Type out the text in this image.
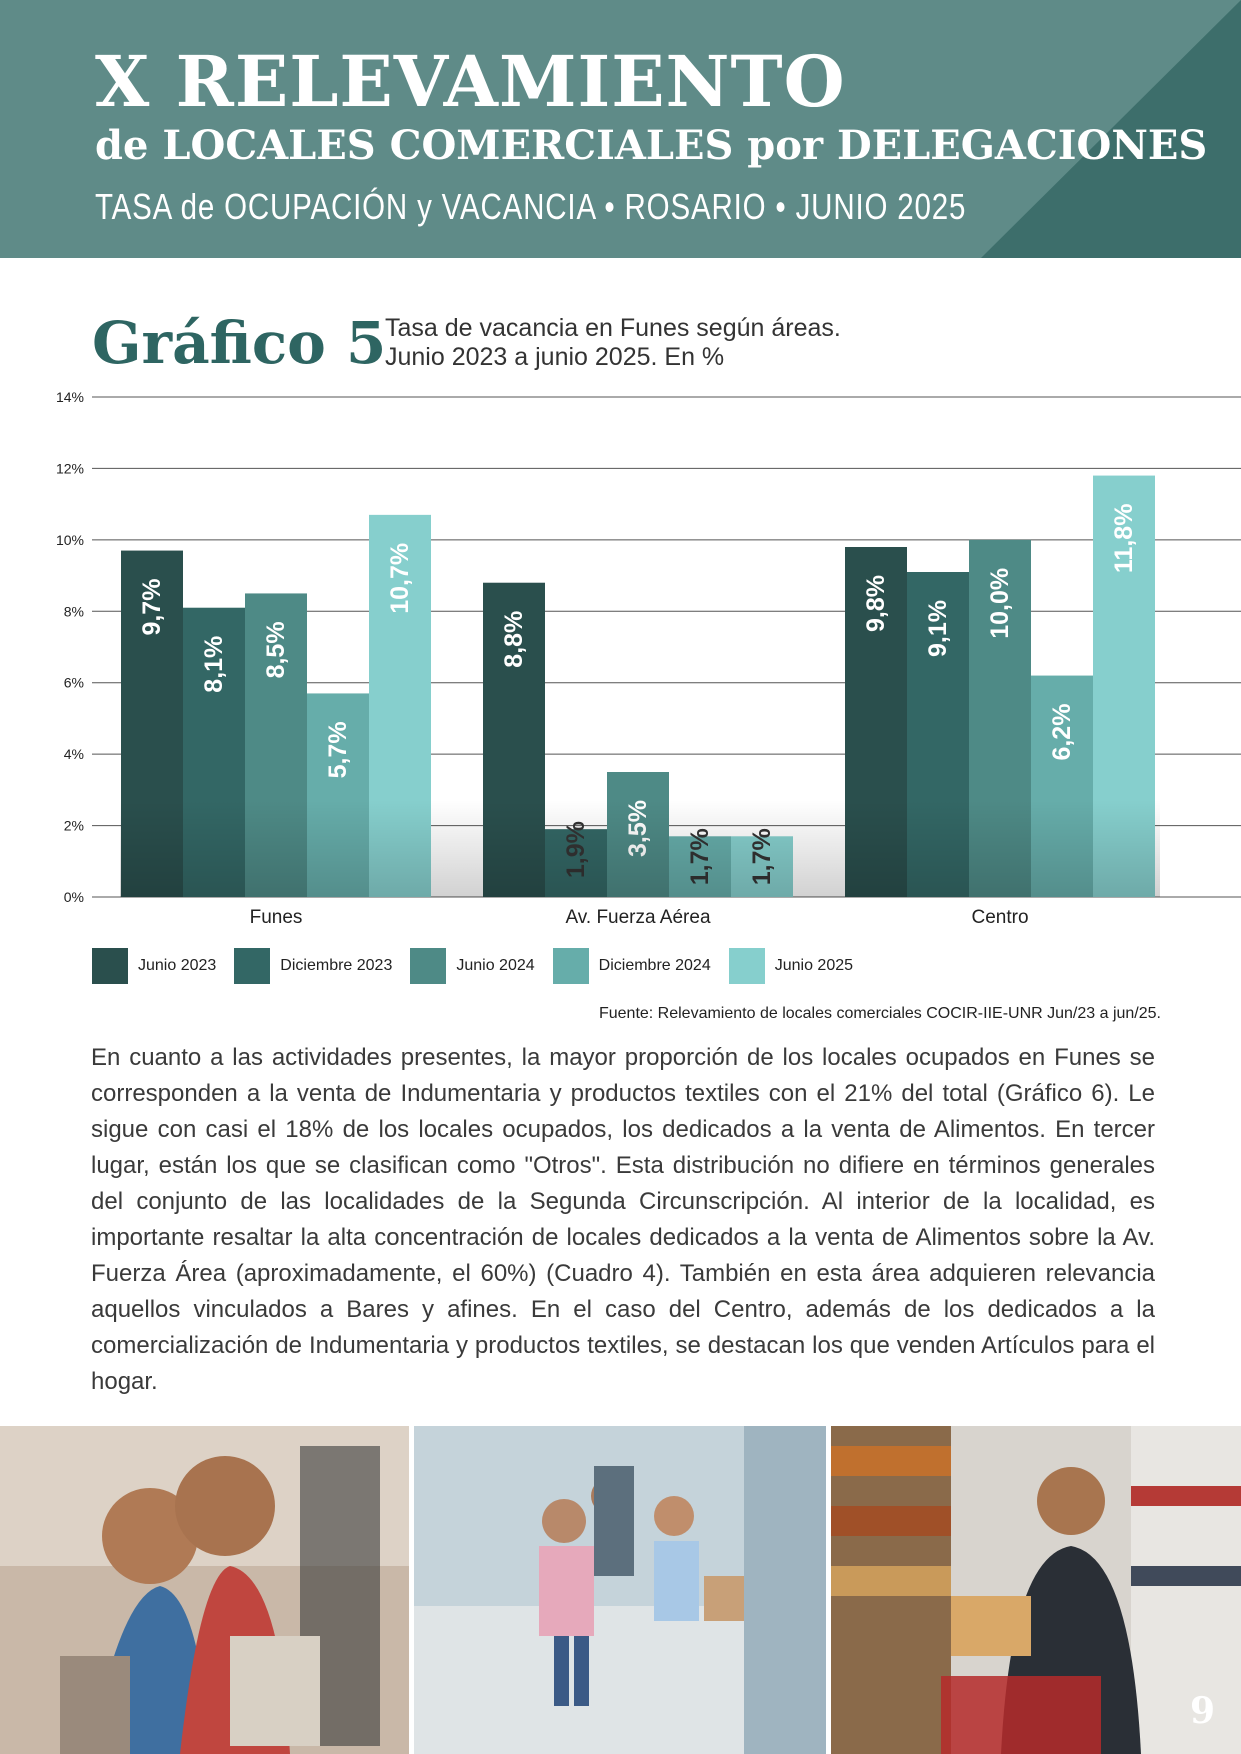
X RELEVAMIENTO
de LOCALES COMERCIALES por DELEGACIONES
TASA de OCUPACIÓN y VACANCIA • ROSARIO • JUNIO 2025
Gráfico 5
Tasa de vacancia en Funes según áreas.
Junio 2023 a junio 2025. En %
0%
2%
4%
6%
8%
10%
12%
14%
9,7%
8,1% 8,5%
5,7%
10,7%
Funes
8,8%
Av. Fuerza Aérea
9,8% 9,1% 10,0%
6,2%
11,8%
Centro
Junio 2023	Diciembre 2023	Junio 2024	Diciembre 2024	Junio 2025
Fuente: Relevamiento de locales comerciales COCIR-IIE-UNR Jun/23 a jun/25.

En cuanto a las actividades presentes, la mayor proporción de los locales ocupados en Funes se corresponden a la venta de Indumentaria y productos textiles con el 21% del total (Gráfico 6). Le sigue con casi el 18% de los locales ocupados, los dedicados a la venta de Alimentos. En tercer lugar, están los que se clasifican como "Otros". Esta distribución no difiere en términos generales del conjunto de las localidades de la Segunda Circunscripción. Al interior de la localidad, es importante resaltar la alta concentración de locales dedicados a la venta de Alimentos sobre la Av. Fuerza Área (aproximadamente, el 60%) (Cuadro 4). También en esta área adquieren relevancia aquellos vinculados a Bares y afines. En el caso del Centro, además de los dedicados a la comercialización de Indumentaria y productos textiles, se destacan los que venden Artículos para el hogar.

9
